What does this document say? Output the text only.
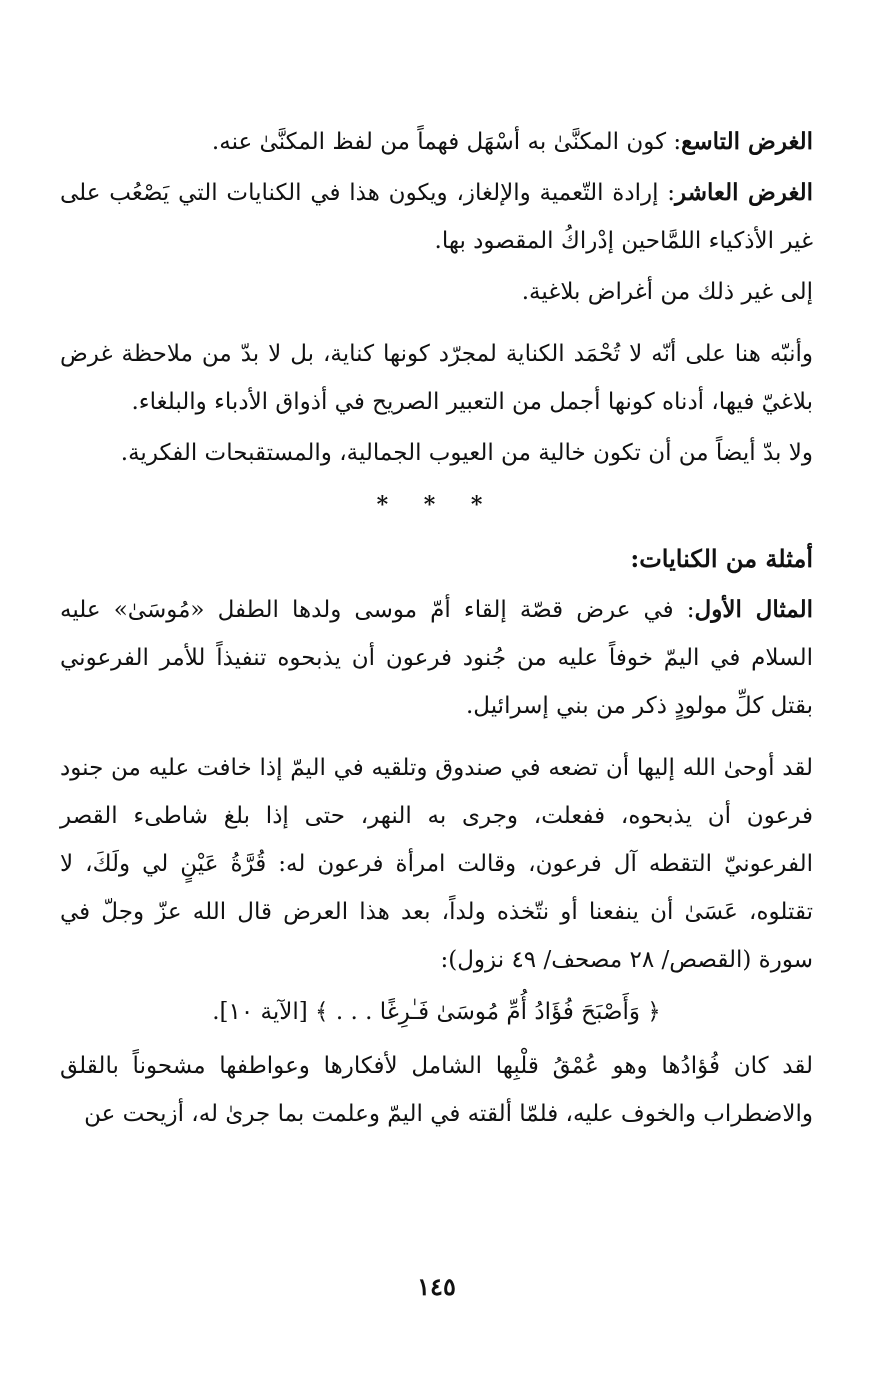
الغرض التاسع: كون المكنَّىٰ به أسْهَل فهماً من لفظ المكنَّىٰ عنه.

الغرض العاشر: إرادة التّعمية والإلغاز، ويكون هذا في الكنايات التي يَصْعُب على غير الأذكياء اللمَّاحين إدْراكُ المقصود بها.

إلى غير ذلك من أغراض بلاغية.

وأنبّه هنا على أنّه لا تُحْمَد الكناية لمجرّد كونها كناية، بل لا بدّ من ملاحظة غرض بلاغيّ فيها، أدناه كونها أجمل من التعبير الصريح في أذواق الأدباء والبلغاء.

ولا بدّ أيضاً من أن تكون خالية من العيوب الجمالية، والمستقبحات الفكرية.

* * *
أمثلة من الكنايات:

المثال الأول: في عرض قصّة إلقاء أمّ موسى ولدها الطفل «مُوسَىٰ» عليه السلام في اليمّ خوفاً عليه من جُنود فرعون أن يذبحوه تنفيذاً للأمر الفرعوني بقتل كلِّ مولودٍ ذكر من بني إسرائيل.

لقد أوحىٰ الله إليها أن تضعه في صندوق وتلقيه في اليمّ إذا خافت عليه من جنود فرعون أن يذبحوه، ففعلت، وجرى به النهر، حتى إذا بلغ شاطىء القصر الفرعونيّ التقطه آل فرعون، وقالت امرأة فرعون له: قُرَّةُ عَيْنٍ لي ولَكَ، لا تقتلوه، عَسَىٰ أن ينفعنا أو نتّخذه ولداً، بعد هذا العرض قال الله عزّ وجلّ في سورة (القصص/ ٢٨ مصحف/ ٤٩ نزول):

﴿ وَأَصْبَحَ فُؤَادُ أُمِّ مُوسَىٰ فَـٰرِغًا . . . ﴾ [الآية ١٠].

لقد كان فُؤادُها وهو عُمْقُ قلْبِها الشامل لأفكارها وعواطفها مشحوناً بالقلق والاضطراب والخوف عليه، فلمّا ألقته في اليمّ وعلمت بما جرىٰ له، أزيحت عن

١٤٥
